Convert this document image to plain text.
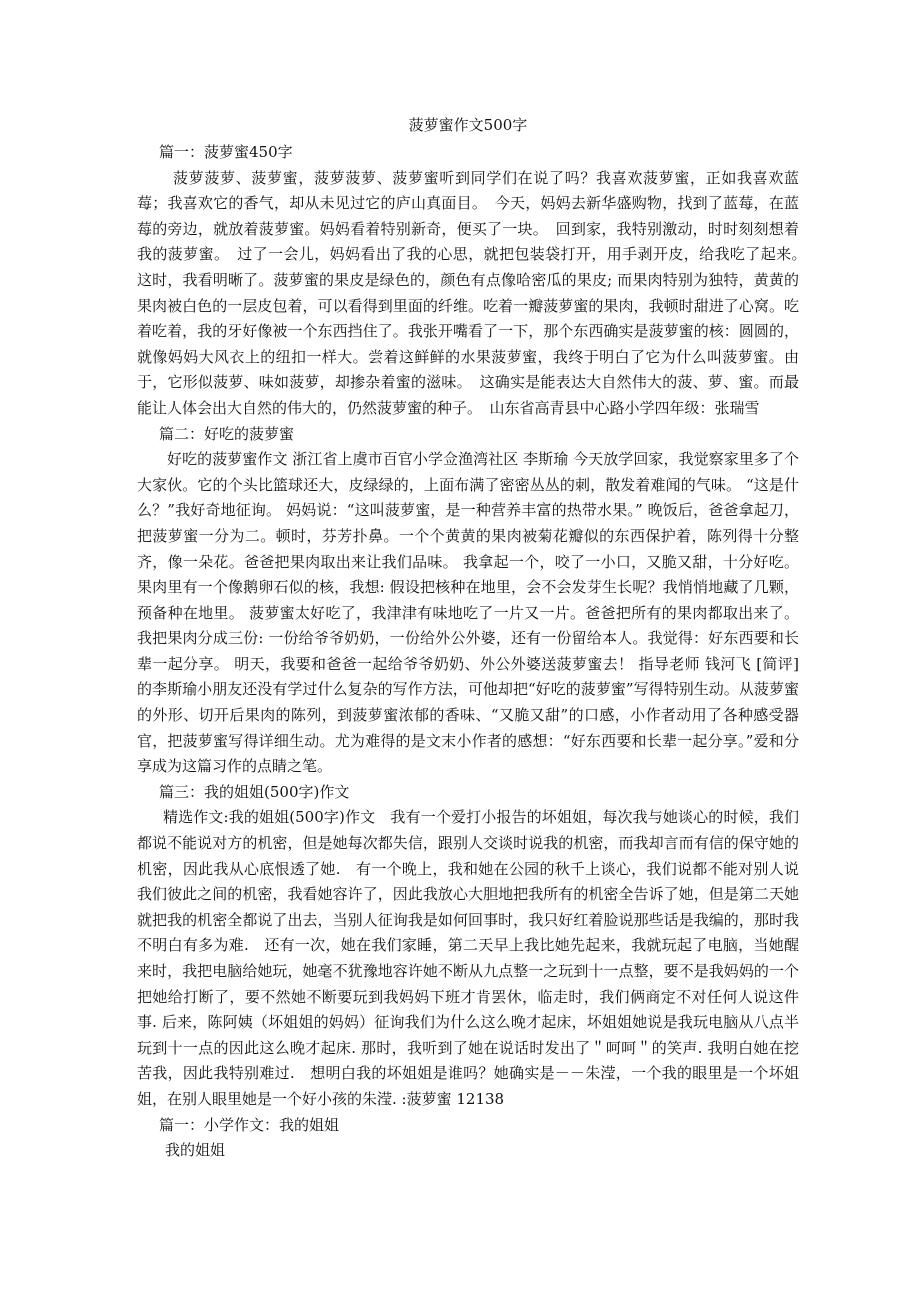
菠萝蜜作文500字
篇一：菠萝蜜450字

菠萝菠萝、菠萝蜜，菠萝菠萝、菠萝蜜听到同学们在说了吗？我喜欢菠萝蜜，正如我喜欢蓝莓；我喜欢它的香气，却从未见过它的庐山真面目。　今天，妈妈去新华盛购物，找到了蓝莓，在蓝莓的旁边，就放着菠萝蜜。妈妈看着特别新奇，便买了一块。　回到家，我特别激动，时时刻刻想着我的菠萝蜜。　过了一会儿，妈妈看出了我的心思，就把包装袋打开，用手剥开皮，给我吃了起来。　这时，我看明晰了。菠萝蜜的果皮是绿色的，颜色有点像哈密瓜的果皮; 而果肉特别为独特，黄黄的果肉被白色的一层皮包着，可以看得到里面的纤维。吃着一瓣菠萝蜜的果肉，我顿时甜进了心窝。吃着吃着，我的牙好像被一个东西挡住了。我张开嘴看了一下，那个东西确实是菠萝蜜的核：圆圆的，就像妈妈大风衣上的纽扣一样大。尝着这鲜鲜的水果菠萝蜜，我终于明白了它为什么叫菠萝蜜。由于，它形似菠萝、味如菠萝，却掺杂着蜜的滋味。　这确实是能表达大自然伟大的菠、萝、蜜。而最能让人体会出大自然的伟大的，仍然菠萝蜜的种子。　山东省高青县中心路小学四年级：张瑞雪

篇二：好吃的菠萝蜜

好吃的菠萝蜜作文 浙江省上虞市百官小学佥渔湾社区 李斯瑜 今天放学回家，我觉察家里多了个大家伙。它的个头比篮球还大，皮绿绿的，上面布满了密密丛丛的刺，散发着难闻的气味。 “这是什么？”我好奇地征询。 妈妈说：“这叫菠萝蜜，是一种营养丰富的热带水果。” 晚饭后，爸爸拿起刀，把菠萝蜜一分为二。顿时，芬芳扑鼻。一个个黄黄的果肉被菊花瓣似的东西保护着，陈列得十分整齐，像一朵花。爸爸把果肉取出来让我们品味。 我拿起一个，咬了一小口，又脆又甜，十分好吃。果肉里有一个像鹅卵石似的核，我想: 假设把核种在地里，会不会发芽生长呢？我悄悄地藏了几颗，预备种在地里。 菠萝蜜太好吃了，我津津有味地吃了一片又一片。爸爸把所有的果肉都取出来了。我把果肉分成三份: 一份给爷爷奶奶，一份给外公外婆，还有一份留给本人。我觉得：好东西要和长辈一起分享。 明天，我要和爸爸一起给爷爷奶奶、外公外婆送菠萝蜜去！ 指导老师 钱河飞 [简评] 的李斯瑜小朋友还没有学过什么复杂的写作方法，可他却把“好吃的菠萝蜜”写得特别生动。从菠萝蜜的外形、切开后果肉的陈列，到菠萝蜜浓郁的香味、“又脆又甜”的口感，小作者动用了各种感受器官，把菠萝蜜写得详细生动。尤为难得的是文末小作者的感想：“好东西要和长辈一起分享。”爱和分享成为这篇习作的点睛之笔。

篇三：我的姐姐(500字)作文

精选作文:我的姐姐(500字)作文　我有一个爱打小报告的坏姐姐，每次我与她谈心的时候，我们都说不能说对方的机密，但是她每次都失信，跟别人交谈时说我的机密，而我却言而有信的保守她的机密，因此我从心底恨透了她.　有一个晚上，我和她在公园的秋千上谈心，我们说都不能对别人说我们彼此之间的机密，我看她容许了，因此我放心大胆地把我所有的机密全告诉了她，但是第二天她就把我的机密全都说了出去，当别人征询我是如何回事时，我只好红着脸说那些话是我编的，那时我不明白有多为难.　还有一次，她在我们家睡，第二天早上我比她先起来，我就玩起了电脑，当她醒来时，我把电脑给她玩，她毫不犹豫地容许她不断从九点整一之玩到十一点整，要不是我妈妈的一个把她给打断了，要不然她不断要玩到我妈妈下班才肯罢休，临走时，我们俩商定不对任何人说这件事. 后来，陈阿姨（坏姐姐的妈妈）征询我们为什么这么晚才起床，坏姐姐她说是我玩电脑从八点半玩到十一点的因此这么晚才起床. 那时，我听到了她在说话时发出了＂呵呵＂的笑声. 我明白她在挖苦我，因此我特别难过.　想明白我的坏姐姐是谁吗？她确实是－－朱滢，一个我的眼里是一个坏姐姐，在别人眼里她是一个好小孩的朱滢. :菠萝蜜 12138

篇一：小学作文：我的姐姐
我的姐姐
